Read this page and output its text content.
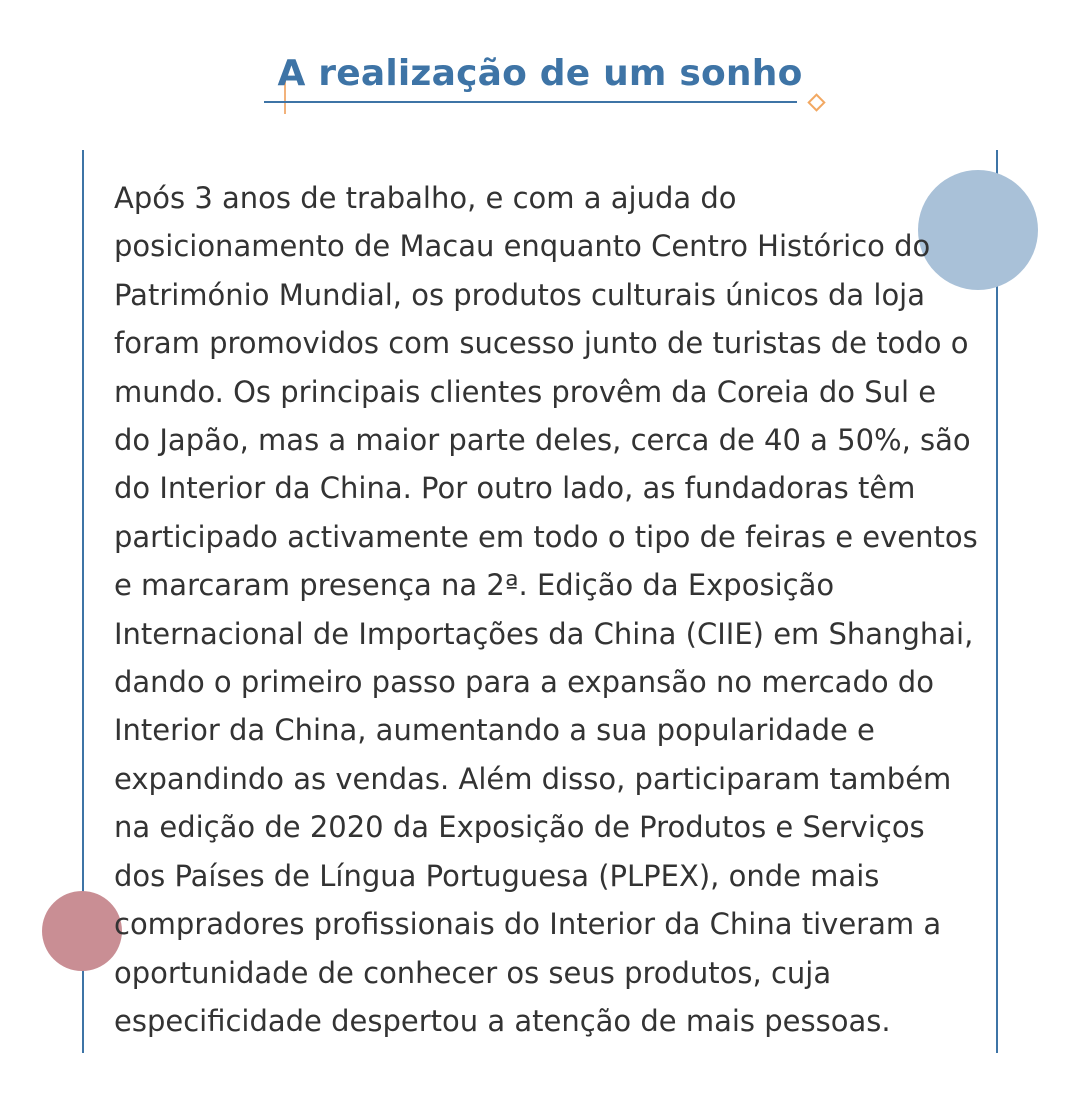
A realização de um sonho
Após 3 anos de trabalho, e com a ajuda do
posicionamento de Macau enquanto Centro Histórico do
Património Mundial, os produtos culturais únicos da loja
foram promovidos com sucesso junto de turistas de todo o
mundo. Os principais clientes provêm da Coreia do Sul e
do Japão, mas a maior parte deles, cerca de 40 a 50%, são
do Interior da China. Por outro lado, as fundadoras têm
participado activamente em todo o tipo de feiras e eventos
e marcaram presença na 2ª. Edição da Exposição
Internacional de Importações da China (CIIE) em Shanghai,
dando o primeiro passo para a expansão no mercado do
Interior da China, aumentando a sua popularidade e
expandindo as vendas. Além disso, participaram também
na edição de 2020 da Exposição de Produtos e Serviços
dos Países de Língua Portuguesa (PLPEX), onde mais
compradores profissionais do Interior da China tiveram a
oportunidade de conhecer os seus produtos, cuja
especificidade despertou a atenção de mais pessoas.
